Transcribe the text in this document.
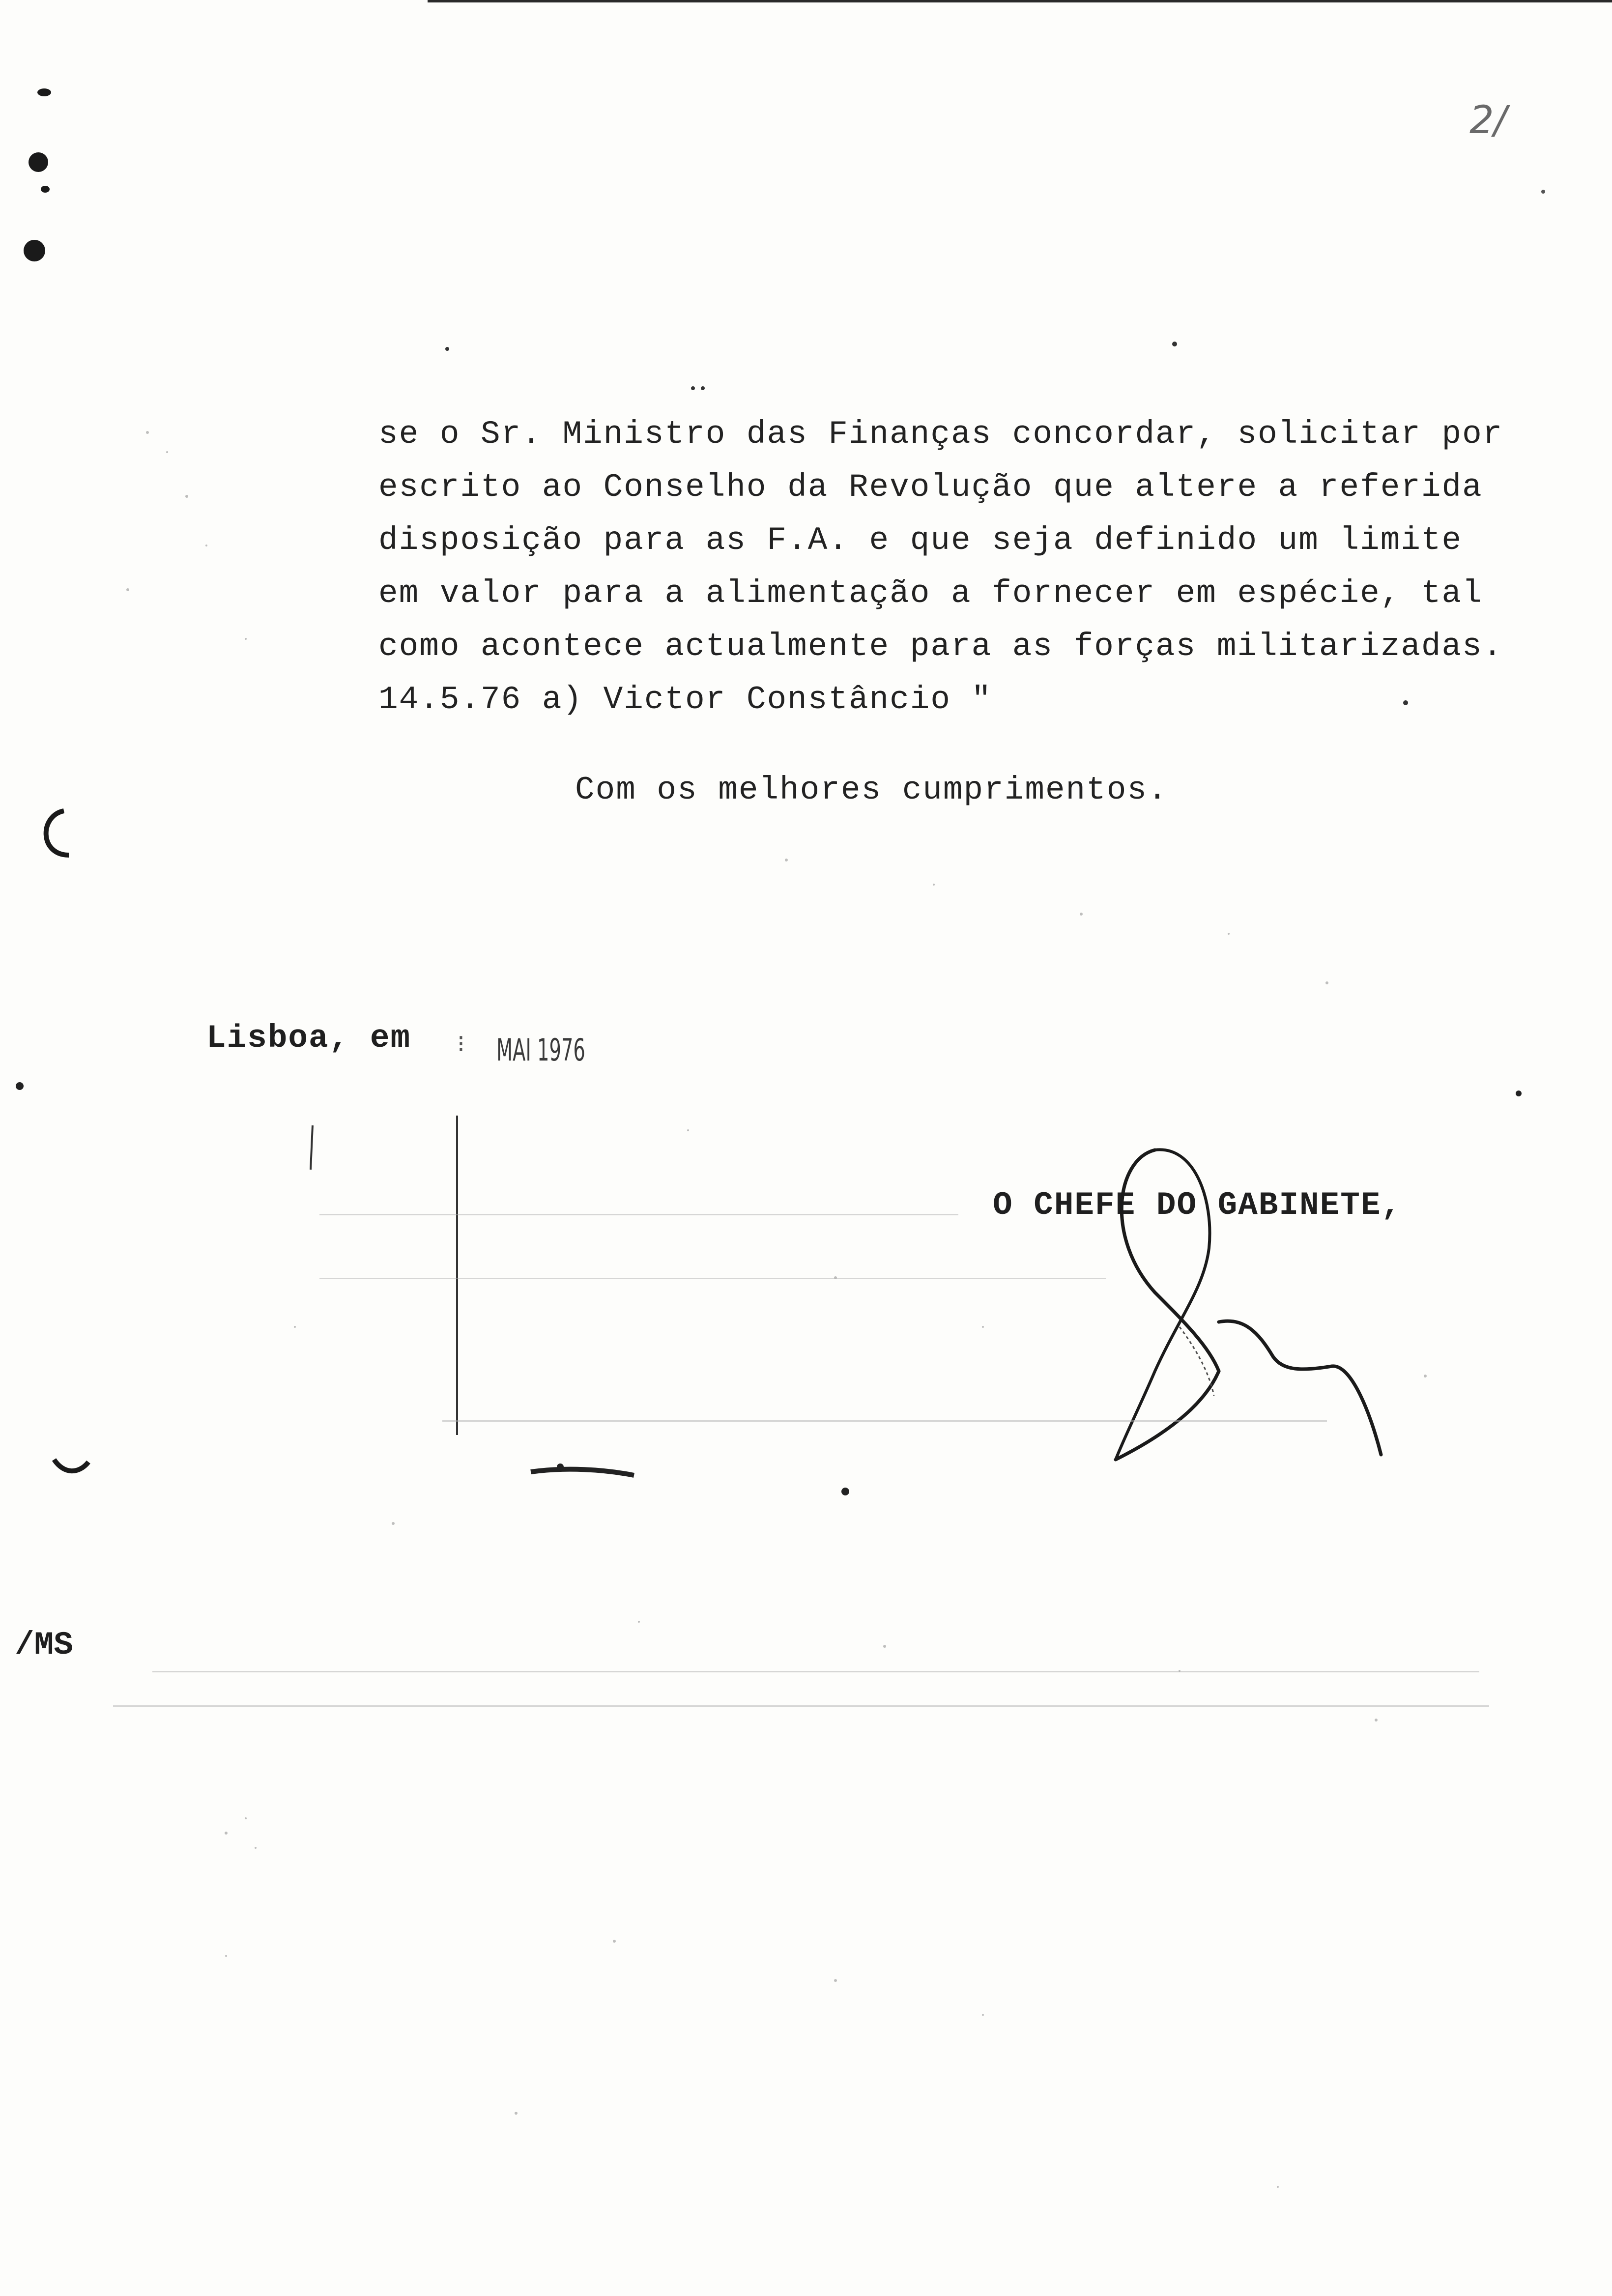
2/
se o Sr. Ministro das Finanças concordar, solicitar por
escrito ao Conselho da Revolução que altere a referida
disposição para as F.A. e que seja definido um limite
em valor para a alimentação a fornecer em espécie, tal
como acontece actualmente para as forças militarizadas.
14.5.76 a) Victor Constâncio "
Com os melhores cumprimentos.
Lisboa, em ⁝ MAI 1976
O CHEFE DO GABINETE,
/MS
